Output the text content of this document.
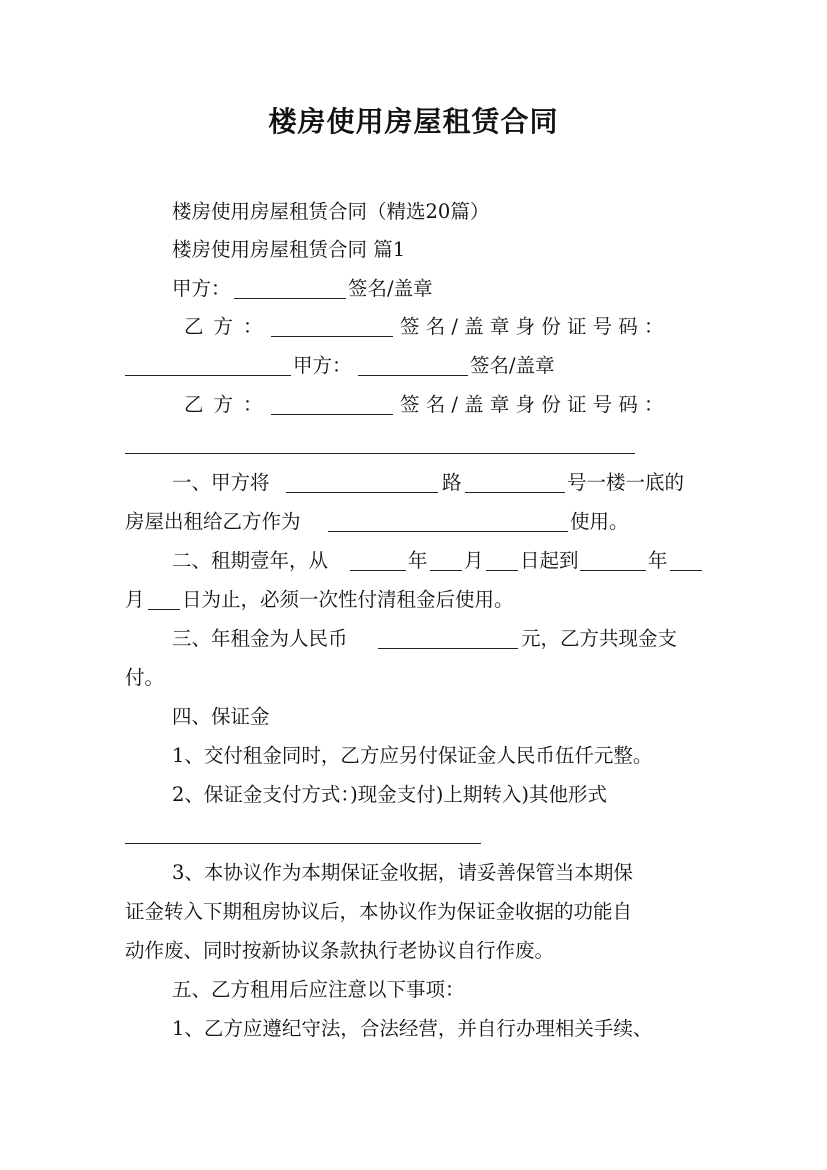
楼房使用房屋租赁合同
楼房使用房屋租赁合同（精选20篇）
楼房使用房屋租赁合同 篇1
甲方：	签名/盖章
乙方：	签 名 / 盖 章 身 份 证 号 码 ：
甲方：	签名/盖章
乙方：	签 名 / 盖 章 身 份 证 号 码 ：
一、甲方将	路	号一楼一底的
房屋出租给乙方作为	使用。
二、租期壹年，从	年 月 日起到	年
月 日为止，必须一次性付清租金后使用。
三、年租金为人民币	元，乙方共现金支
付。
四、保证金
1、交付租金同时，乙方应另付保证金人民币伍仟元整。
2、保证金支付方式：)现金支付)上期转入)其他形式
3、本协议作为本期保证金收据，请妥善保管当本期保
证金转入下期租房协议后，本协议作为保证金收据的功能自
动作废、同时按新协议条款执行老协议自行作废。
五、乙方租用后应注意以下事项：
1、乙方应遵纪守法，合法经营，并自行办理相关手续、
